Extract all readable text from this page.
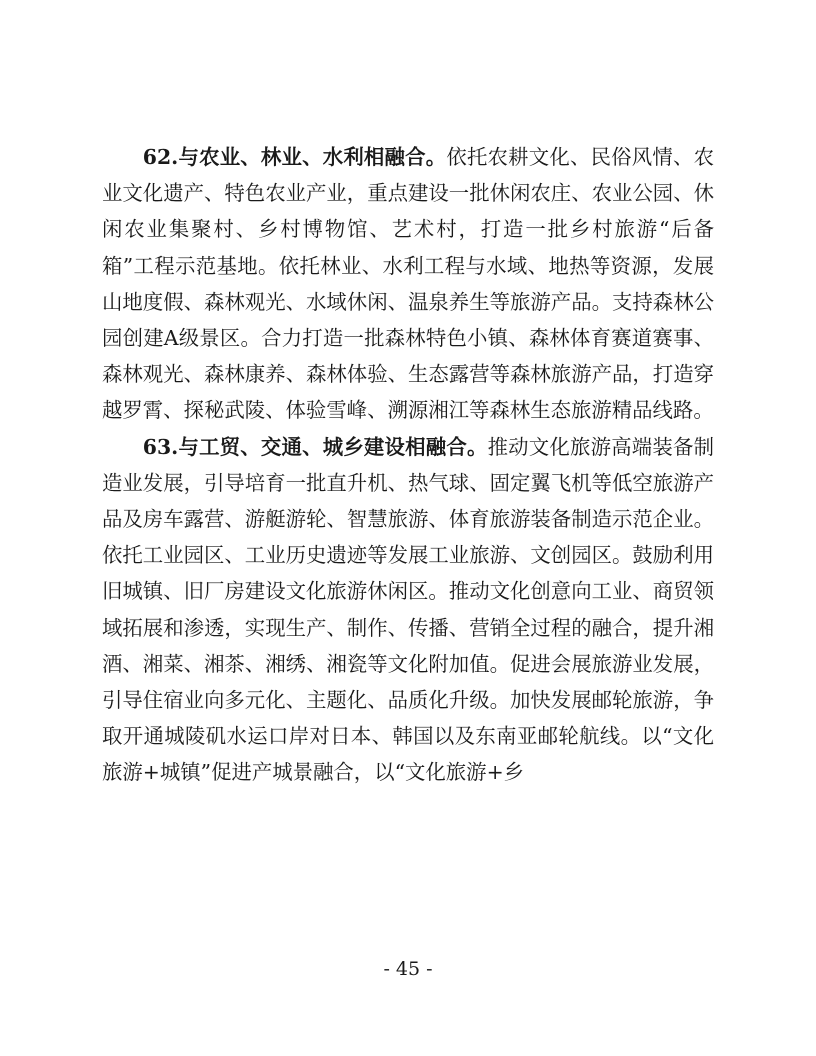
62.与农业、林业、水利相融合。依托农耕文化、民俗风情、农业文化遗产、特色农业产业，重点建设一批休闲农庄、农业公园、休闲农业集聚村、乡村博物馆、艺术村，打造一批乡村旅游“后备箱”工程示范基地。依托林业、水利工程与水域、地热等资源，发展山地度假、森林观光、水域休闲、温泉养生等旅游产品。支持森林公园创建A级景区。合力打造一批森林特色小镇、森林体育赛道赛事、森林观光、森林康养、森林体验、生态露营等森林旅游产品，打造穿越罗霄、探秘武陵、体验雪峰、溯源湘江等森林生态旅游精品线路。

63.与工贸、交通、城乡建设相融合。推动文化旅游高端装备制造业发展，引导培育一批直升机、热气球、固定翼飞机等低空旅游产品及房车露营、游艇游轮、智慧旅游、体育旅游装备制造示范企业。依托工业园区、工业历史遗迹等发展工业旅游、文创园区。鼓励利用旧城镇、旧厂房建设文化旅游休闲区。推动文化创意向工业、商贸领域拓展和渗透，实现生产、制作、传播、营销全过程的融合，提升湘酒、湘菜、湘茶、湘绣、湘瓷等文化附加值。促进会展旅游业发展，引导住宿业向多元化、主题化、品质化升级。加快发展邮轮旅游，争取开通城陵矶水运口岸对日本、韩国以及东南亚邮轮航线。以“文化旅游+城镇”促进产城景融合，以“文化旅游+乡

- 45 -
